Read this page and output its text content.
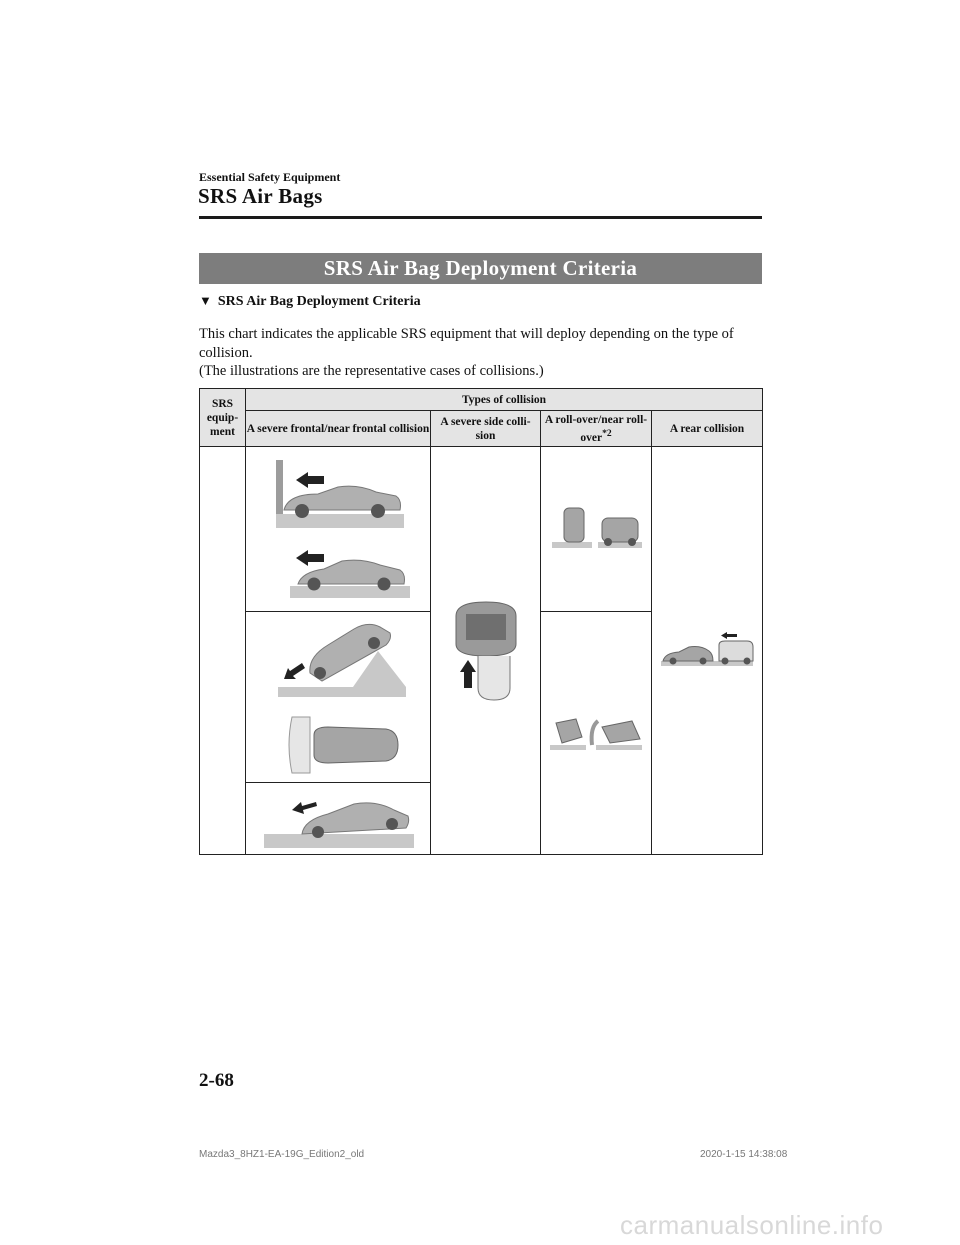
Essential Safety Equipment
SRS Air Bags
SRS Air Bag Deployment Criteria
▼ SRS Air Bag Deployment Criteria

This chart indicates the applicable SRS equipment that will deploy depending on the type of collision.

(The illustrations are the representative cases of collisions.)

SRS equip-ment	Types of collision			
	A severe frontal/near frontal collision	A severe side colli-sion	A roll-over/near roll-over$^{*2}$	A rear collision

2-68
Mazda3_8HZ1-EA-19G_Edition2_old	2020-1-15 14:38:08
carmanualsonline.info
